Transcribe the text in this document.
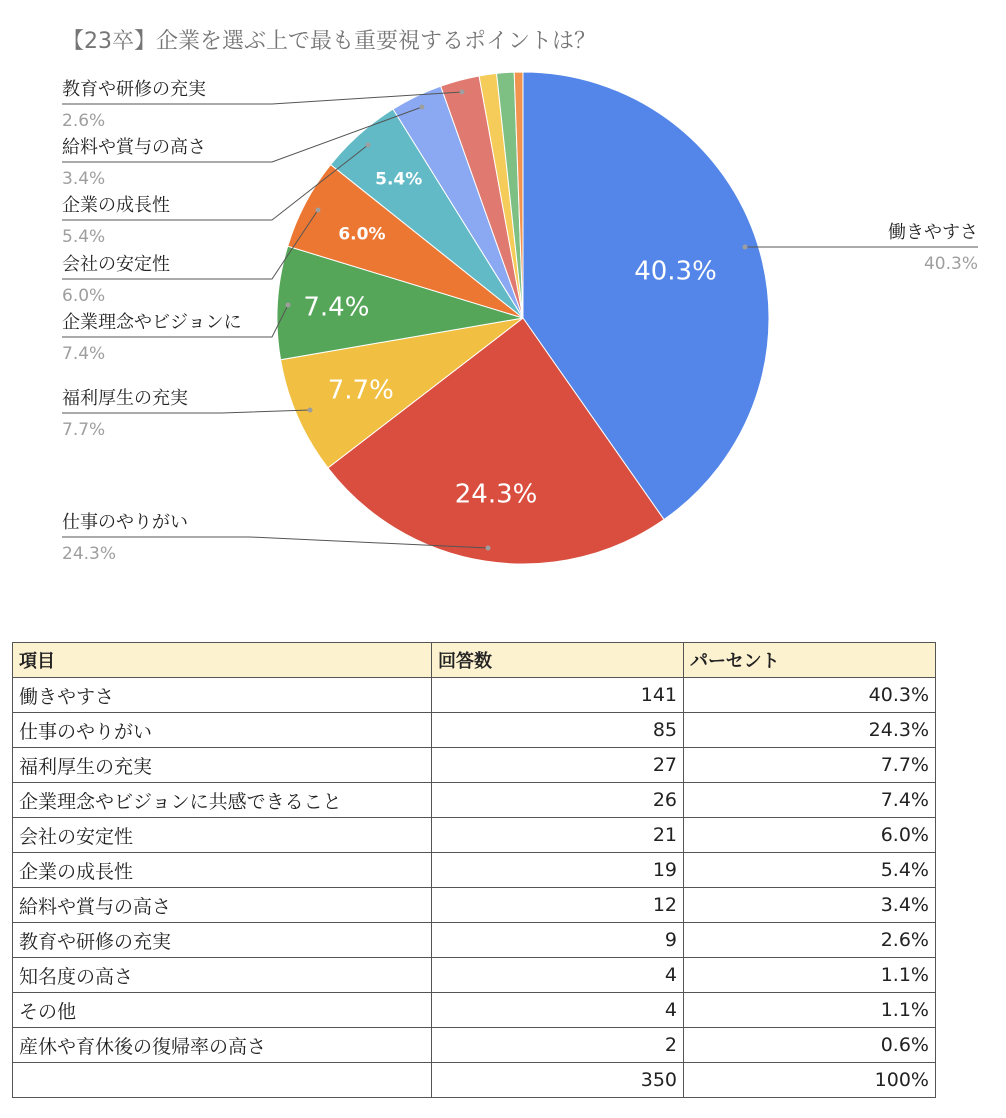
【23卒】企業を選ぶ上で最も重要視するポイントは？
40.3%
24.3%
7.7%
7.4%
6.0%
5.4%
働きやすさ
40.3%
仕事のやりがい
24.3%
福利厚生の充実
7.7%
企業理念やビジョンに
7.4%
会社の安定性
6.0%
企業の成長性
5.4%
給料や賞与の高さ
3.4%
教育や研修の充実
2.6%
項目	回答数	パーセント
働きやすさ	141	40.3%
仕事のやりがい	85	24.3%
福利厚生の充実	27	7.7%
企業理念やビジョンに共感できること	26	7.4%
会社の安定性	21	6.0%
企業の成長性	19	5.4%
給料や賞与の高さ	12	3.4%
教育や研修の充実	9	2.6%
知名度の高さ	4	1.1%
その他	4	1.1%
産休や育休後の復帰率の高さ	2	0.6%
	350	100%
